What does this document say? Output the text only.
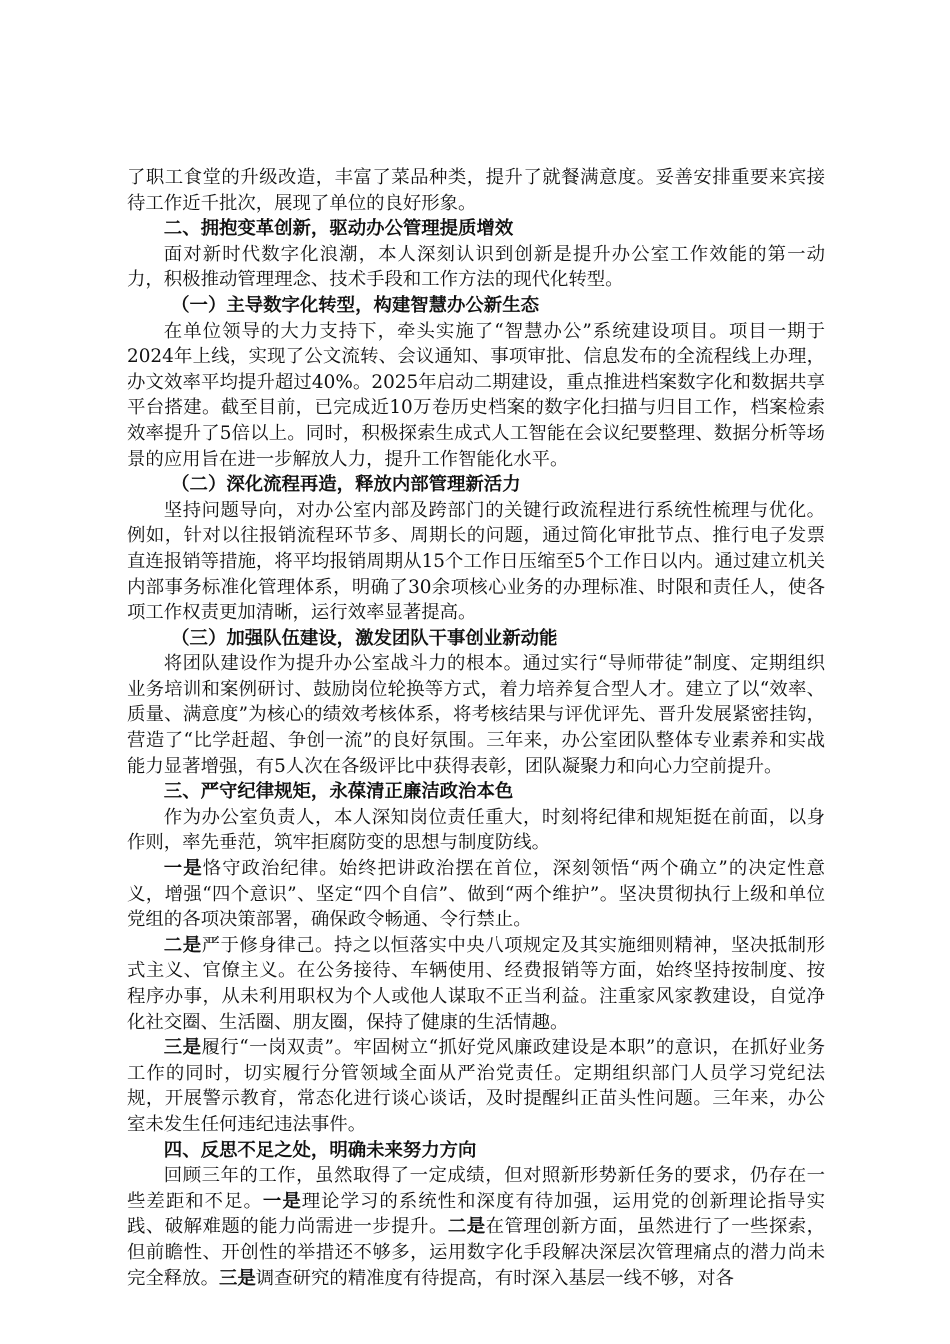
了职工食堂的升级改造，丰富了菜品种类，提升了就餐满意度。妥善安排重要来宾接待工作近千批次，展现了单位的良好形象。

二、拥抱变革创新，驱动办公管理提质增效

面对新时代数字化浪潮，本人深刻认识到创新是提升办公室工作效能的第一动力，积极推动管理理念、技术手段和工作方法的现代化转型。

（一）主导数字化转型，构建智慧办公新生态

在单位领导的大力支持下，牵头实施了“智慧办公”系统建设项目。项目一期于2024年上线，实现了公文流转、会议通知、事项审批、信息发布的全流程线上办理，办文效率平均提升超过40%。2025年启动二期建设，重点推进档案数字化和数据共享平台搭建。截至目前，已完成近10万卷历史档案的数字化扫描与归目工作，档案检索效率提升了5倍以上。同时，积极探索生成式人工智能在会议纪要整理、数据分析等场景的应用旨在进一步解放人力，提升工作智能化水平。

（二）深化流程再造，释放内部管理新活力

坚持问题导向，对办公室内部及跨部门的关键行政流程进行系统性梳理与优化。例如，针对以往报销流程环节多、周期长的问题，通过简化审批节点、推行电子发票直连报销等措施，将平均报销周期从15个工作日压缩至5个工作日以内。通过建立机关内部事务标准化管理体系，明确了30余项核心业务的办理标准、时限和责任人，使各项工作权责更加清晰，运行效率显著提高。

（三）加强队伍建设，激发团队干事创业新动能

将团队建设作为提升办公室战斗力的根本。通过实行“导师带徒”制度、定期组织业务培训和案例研讨、鼓励岗位轮换等方式，着力培养复合型人才。建立了以“效率、质量、满意度”为核心的绩效考核体系，将考核结果与评优评先、晋升发展紧密挂钩，营造了“比学赶超、争创一流”的良好氛围。三年来，办公室团队整体专业素养和实战能力显著增强，有5人次在各级评比中获得表彰，团队凝聚力和向心力空前提升。

三、严守纪律规矩，永葆清正廉洁政治本色

作为办公室负责人，本人深知岗位责任重大，时刻将纪律和规矩挺在前面，以身作则，率先垂范，筑牢拒腐防变的思想与制度防线。

一是恪守政治纪律。始终把讲政治摆在首位，深刻领悟“两个确立”的决定性意义，增强“四个意识”、坚定“四个自信”、做到“两个维护”。坚决贯彻执行上级和单位党组的各项决策部署，确保政令畅通、令行禁止。

二是严于修身律己。持之以恒落实中央八项规定及其实施细则精神，坚决抵制形式主义、官僚主义。在公务接待、车辆使用、经费报销等方面，始终坚持按制度、按程序办事，从未利用职权为个人或他人谋取不正当利益。注重家风家教建设，自觉净化社交圈、生活圈、朋友圈，保持了健康的生活情趣。

三是履行“一岗双责”。牢固树立“抓好党风廉政建设是本职”的意识，在抓好业务工作的同时，切实履行分管领域全面从严治党责任。定期组织部门人员学习党纪法规，开展警示教育，常态化进行谈心谈话，及时提醒纠正苗头性问题。三年来，办公室未发生任何违纪违法事件。

四、反思不足之处，明确未来努力方向

回顾三年的工作，虽然取得了一定成绩，但对照新形势新任务的要求，仍存在一些差距和不足。一是理论学习的系统性和深度有待加强，运用党的创新理论指导实践、破解难题的能力尚需进一步提升。二是在管理创新方面，虽然进行了一些探索，但前瞻性、开创性的举措还不够多，运用数字化手段解决深层次管理痛点的潜力尚未完全释放。三是调查研究的精准度有待提高，有时深入基层一线不够，对各
